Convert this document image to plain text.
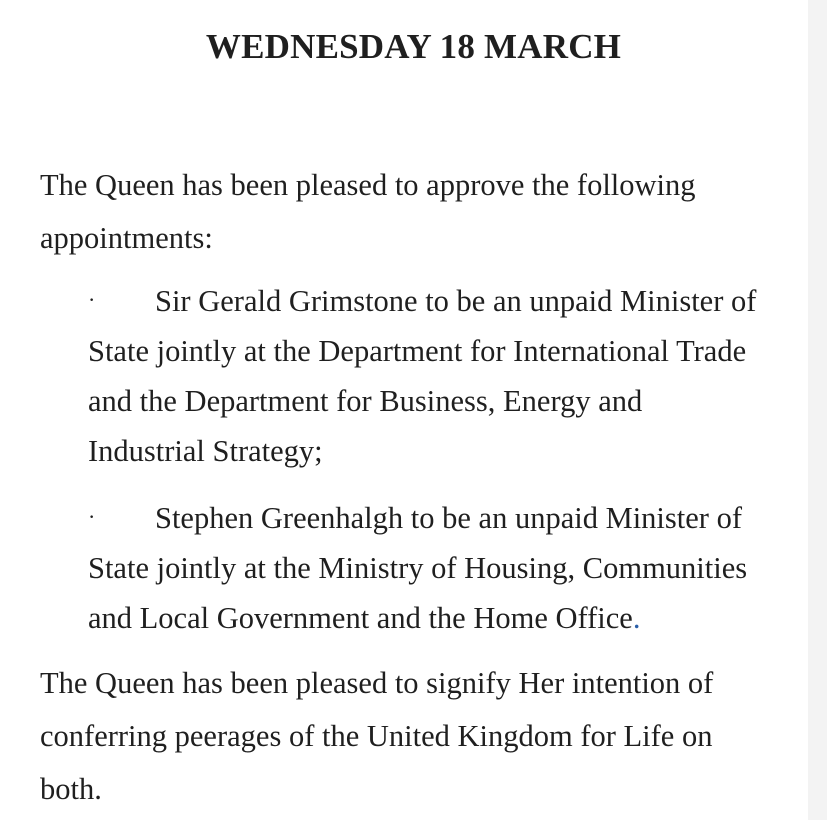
WEDNESDAY 18 MARCH

The Queen has been pleased to approve the following
appointments:

· Sir Gerald Grimstone to be an unpaid Minister of
State jointly at the Department for International Trade
and the Department for Business, Energy and
Industrial Strategy;
· Stephen Greenhalgh to be an unpaid Minister of
State jointly at the Ministry of Housing, Communities
and Local Government and the Home Office.

The Queen has been pleased to signify Her intention of
conferring peerages of the United Kingdom for Life on
both.
